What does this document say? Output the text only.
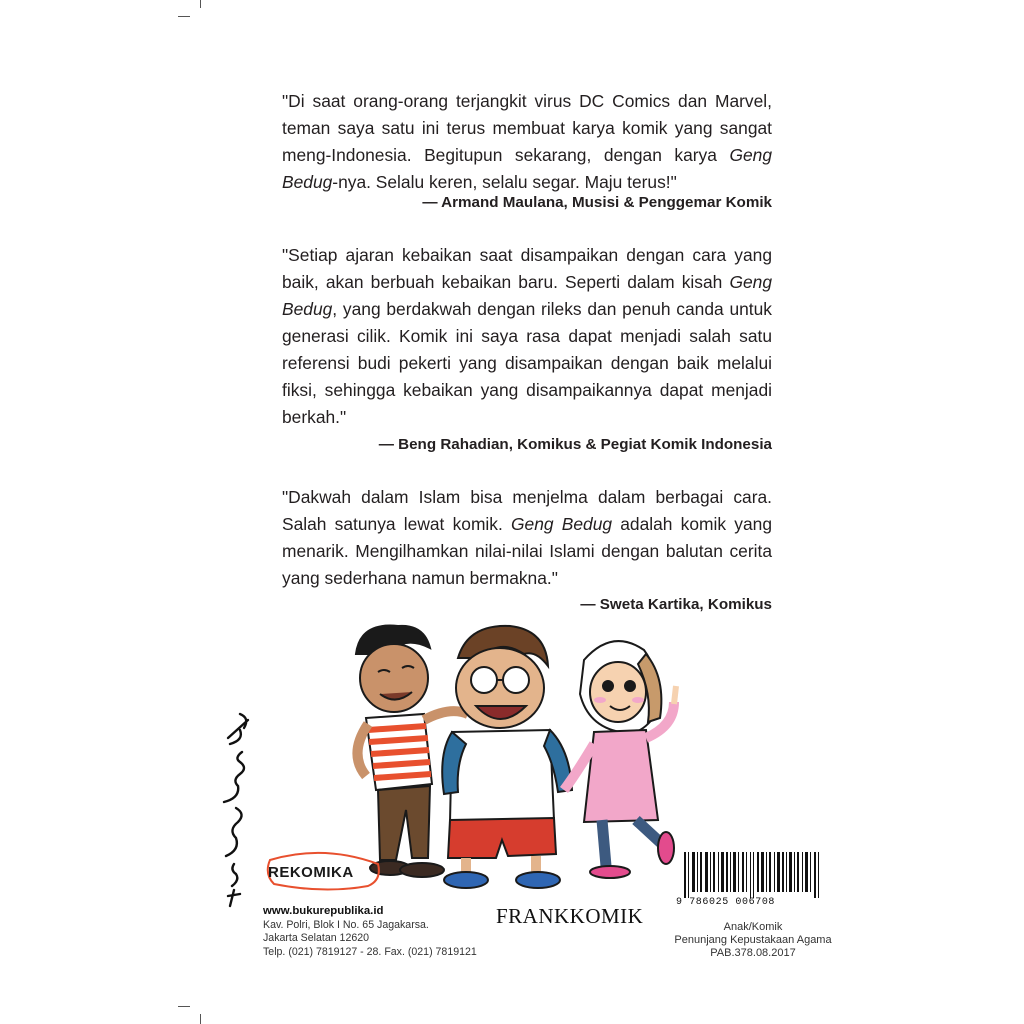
"Di saat orang-orang terjangkit virus DC Comics dan Marvel, teman saya satu ini terus membuat karya komik yang sangat meng-Indonesia. Begitupun sekarang, dengan karya Geng Bedug-nya. Selalu keren, selalu segar. Maju terus!"

— Armand Maulana, Musisi & Penggemar Komik

"Setiap ajaran kebaikan saat disampaikan dengan cara yang baik, akan berbuah kebaikan baru. Seperti dalam kisah Geng Bedug, yang berdakwah dengan rileks dan penuh canda untuk generasi cilik. Komik ini saya rasa dapat menjadi salah satu referensi budi pekerti yang disampaikan dengan baik melalui fiksi, sehingga kebaikan yang disampaikannya dapat menjadi berkah."

— Beng Rahadian, Komikus & Pegiat Komik Indonesia

"Dakwah dalam Islam bisa menjelma dalam berbagai cara. Salah satunya lewat komik. Geng Bedug adalah komik yang menarik. Mengilhamkan nilai-nilai Islami dengan balutan cerita yang sederhana namun bermakna."

— Sweta Kartika, Komikus
REKOMIKA
www.bukurepublika.id
Kav. Polri, Blok I No. 65 Jagakarsa.
Jakarta Selatan 12620
Telp. (021) 7819127 - 28. Fax. (021) 7819121
FRANKKOMIK
9 786025 006708
Anak/Komik
Penunjang Kepustakaan Agama
PAB.378.08.2017
